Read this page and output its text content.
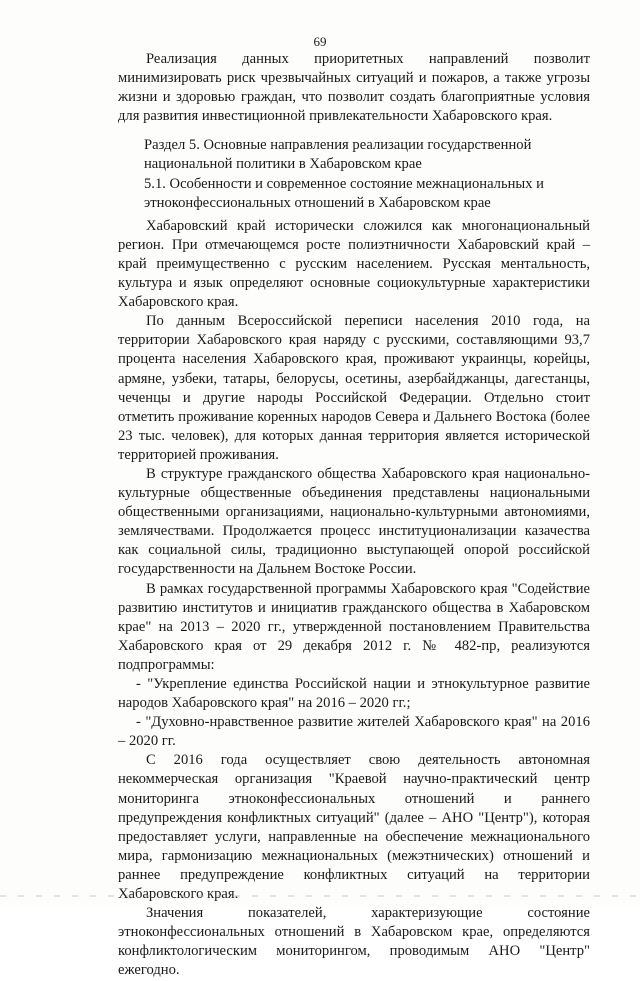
69

Реализация данных приоритетных направлений позволит минимизировать риск чрезвычайных ситуаций и пожаров, а также угрозы жизни и здоровью граждан, что позволит создать благоприятные условия для развития инвестиционной привлекательности Хабаровского края.

Раздел 5. Основные направления реализации государственной национальной политики в Хабаровском крае

5.1. Особенности и современное состояние межнациональных и этноконфессиональных отношений в Хабаровском крае

Хабаровский край исторически сложился как многонациональный регион. При отмечающемся росте полиэтничности Хабаровский край – край преимущественно с русским населением. Русская ментальность, культура и язык определяют основные социокультурные характеристики Хабаровского края.

По данным Всероссийской переписи населения 2010 года, на территории Хабаровского края наряду с русскими, составляющими 93,7 процента населения Хабаровского края, проживают украинцы, корейцы, армяне, узбеки, татары, белорусы, осетины, азербайджанцы, дагестанцы, чеченцы и другие народы Российской Федерации. Отдельно стоит отметить проживание коренных народов Севера и Дальнего Востока (более 23 тыс. человек), для которых данная территория является исторической территорией проживания.

В структуре гражданского общества Хабаровского края национально-культурные общественные объединения представлены национальными общественными организациями, национально-культурными автономиями, землячествами. Продолжается процесс институционализации казачества как социальной силы, традиционно выступающей опорой российской государственности на Дальнем Востоке России.

В рамках государственной программы Хабаровского края "Содействие развитию институтов и инициатив гражданского общества в Хабаровском крае" на 2013 – 2020 гг., утвержденной постановлением Правительства Хабаровского края от 29 декабря 2012 г. № 482-пр, реализуются подпрограммы:

- "Укрепление единства Российской нации и этнокультурное развитие народов Хабаровского края" на 2016 – 2020 гг.;

- "Духовно-нравственное развитие жителей Хабаровского края" на 2016 – 2020 гг.

С 2016 года осуществляет свою деятельность автономная некоммерческая организация "Краевой научно-практический центр мониторинга этноконфессиональных отношений и раннего предупреждения конфликтных ситуаций" (далее – АНО "Центр"), которая предоставляет услуги, направленные на обеспечение межнационального мира, гармонизацию межнациональных (межэтнических) отношений и раннее предупреждение конфликтных ситуаций на территории Хабаровского края.

Значения показателей, характеризующие состояние этноконфессиональных отношений в Хабаровском крае, определяются конфликтологическим мониторингом, проводимым АНО "Центр" ежегодно.
